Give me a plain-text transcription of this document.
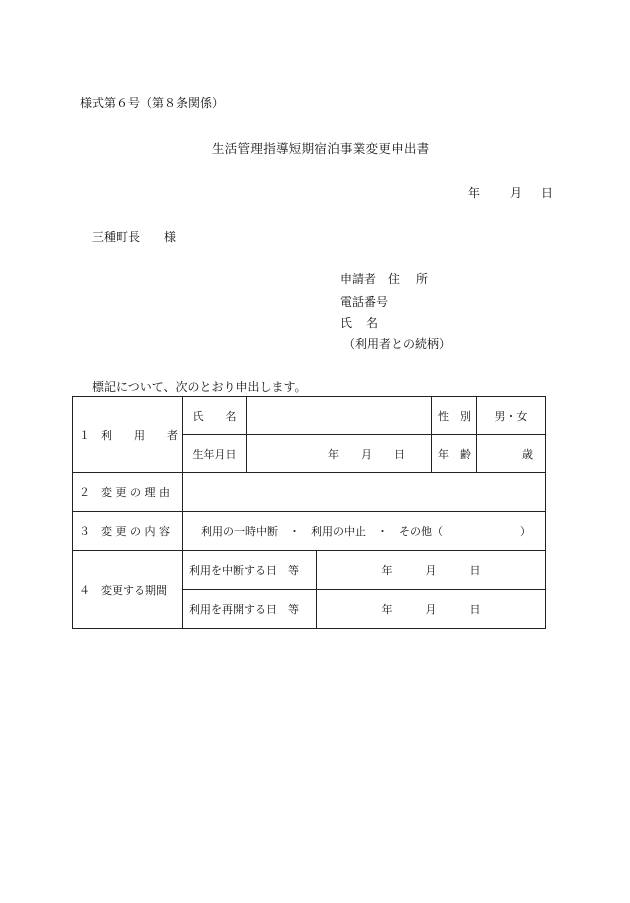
様式第６号（第８条関係）
生活管理指導短期宿泊事業変更申出書
年 月 日
三種町長 様
申請者 住　所
電話番号
氏名
（利用者との続柄）
標記について、次のとおり申出します。
１　利　　用　　者	氏　　名			性　別	男・女
	生年月日	年　　月　　日		年　齢	歳
２　変 更 の 理 由					
３　変 更 の 内 容	利用の一時中断　・　利用の中止　・　その他（　　　　　　　）				
４　変更する期間	利用を中断する日　等		年　　　月　　　日		
	利用を再開する日　等		年　　　月　　　日		
